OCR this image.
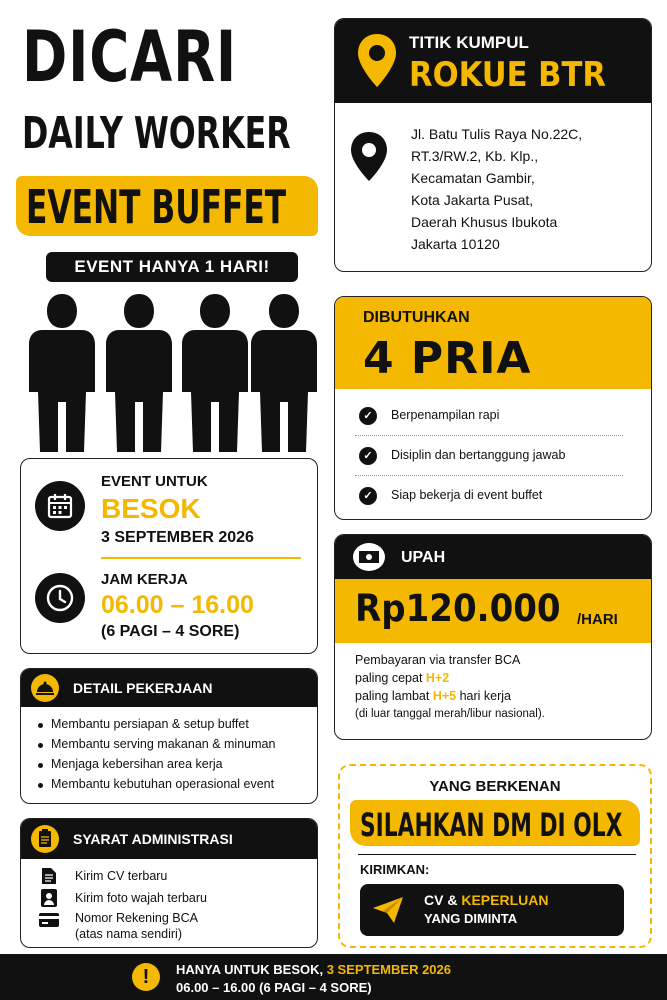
DICARI
DAILY WORKER
EVENT BUFFET
EVENT HANYA 1 HARI!
EVENT UNTUK
BESOK
3 SEPTEMBER 2026
JAM KERJA
06.00 – 16.00
(6 PAGI – 4 SORE)
DETAIL PEKERJAAN
Membantu persiapan & setup buffet
Membantu serving makanan & minuman
Menjaga kebersihan area kerja
Membantu kebutuhan operasional event
SYARAT ADMINISTRASI
Kirim CV terbaru
Kirim foto wajah terbaru
Nomor Rekening BCA
(atas nama sendiri)
TITIK KUMPUL
ROKUE BTR
Jl. Batu Tulis Raya No.22C,
RT.3/RW.2, Kb. Klp.,
Kecamatan Gambir,
Kota Jakarta Pusat,
Daerah Khusus Ibukota
Jakarta 10120
DIBUTUHKAN
4 PRIA
✓	Berpenampilan rapi
✓	Disiplin dan bertanggung jawab
✓	Siap bekerja di event buffet
UPAH
Rp120.000 /HARI
Pembayaran via transfer BCA
paling cepat H+2
paling lambat H+5 hari kerja
(di luar tanggal merah/libur nasional).
YANG BERKENAN
SILAHKAN DM DI OLX
KIRIMKAN:
CV & KEPERLUAN
YANG DIMINTA
!	HANYA UNTUK BESOK, 3 SEPTEMBER 2026
06.00 – 16.00 (6 PAGI – 4 SORE)
